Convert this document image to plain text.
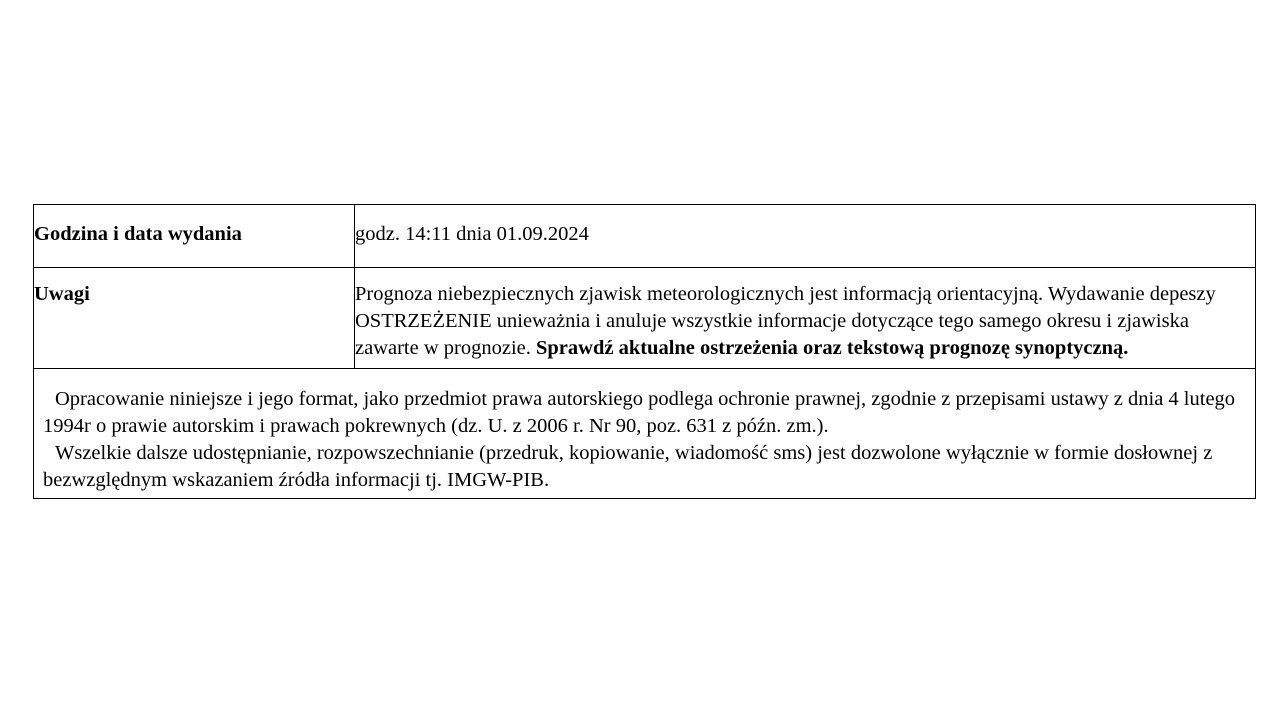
Godzina i data wydania	godz. 14:11 dnia 01.09.2024
Uwagi	Prognoza niebezpiecznych zjawisk meteorologicznych jest informacją orientacyjną. Wydawanie depeszy OSTRZEŻENIE unieważnia i anuluje wszystkie informacje dotyczące tego samego okresu i zjawiska zawarte w prognozie. Sprawdź aktualne ostrzeżenia oraz tekstową prognozę synoptyczną.

Opracowanie niniejsze i jego format, jako przedmiot prawa autorskiego podlega ochronie prawnej, zgodnie z przepisami ustawy z dnia 4 lutego 1994r o prawie autorskim i prawach pokrewnych (dz. U. z 2006 r. Nr 90, poz. 631 z późn. zm.).

Wszelkie dalsze udostępnianie, rozpowszechnianie (przedruk, kopiowanie, wiadomość sms) jest dozwolone wyłącznie w formie dosłownej z bezwzględnym wskazaniem źródła informacji tj. IMGW-PIB.	
